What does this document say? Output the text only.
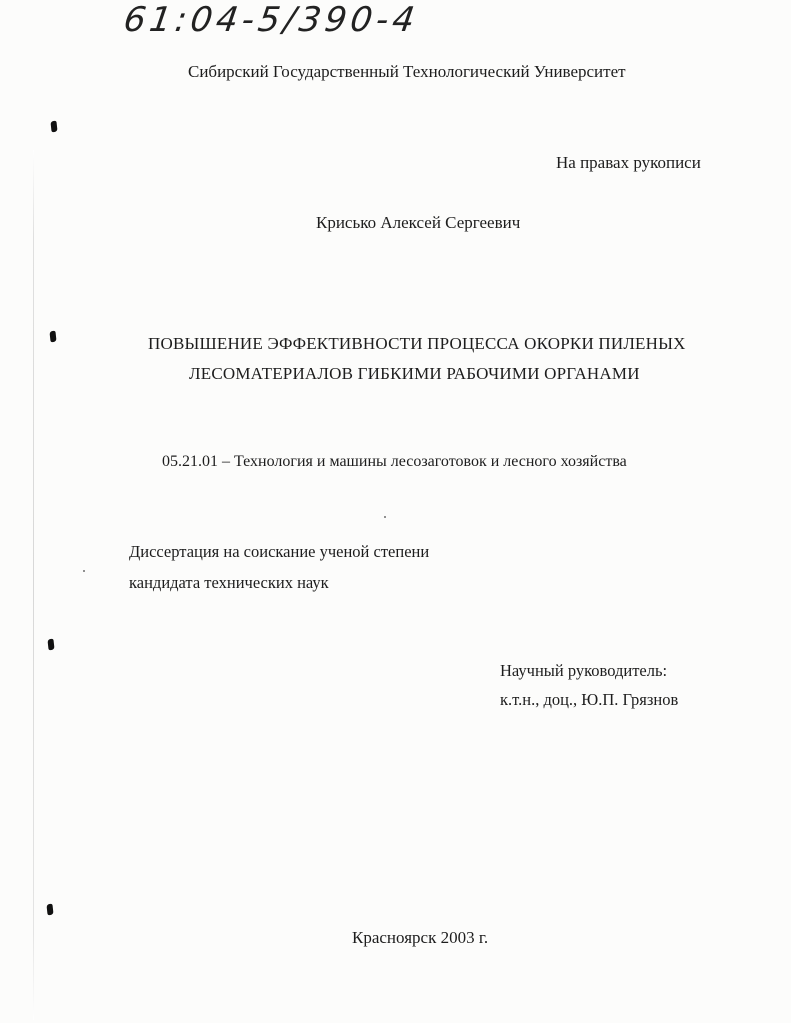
61:04-5/390-4
Сибирский Государственный Технологический Университет
На правах рукописи
Крисько Алексей Сергеевич
ПОВЫШЕНИЕ ЭФФЕКТИВНОСТИ ПРОЦЕССА ОКОРКИ ПИЛЕНЫХ
ЛЕСОМАТЕРИАЛОВ ГИБКИМИ РАБОЧИМИ ОРГАНАМИ
05.21.01 – Технология и машины лесозаготовок и лесного хозяйства
Диссертация на соискание ученой степени
кандидата технических наук
Научный руководитель:
к.т.н., доц., Ю.П. Грязнов
Красноярск 2003 г.
